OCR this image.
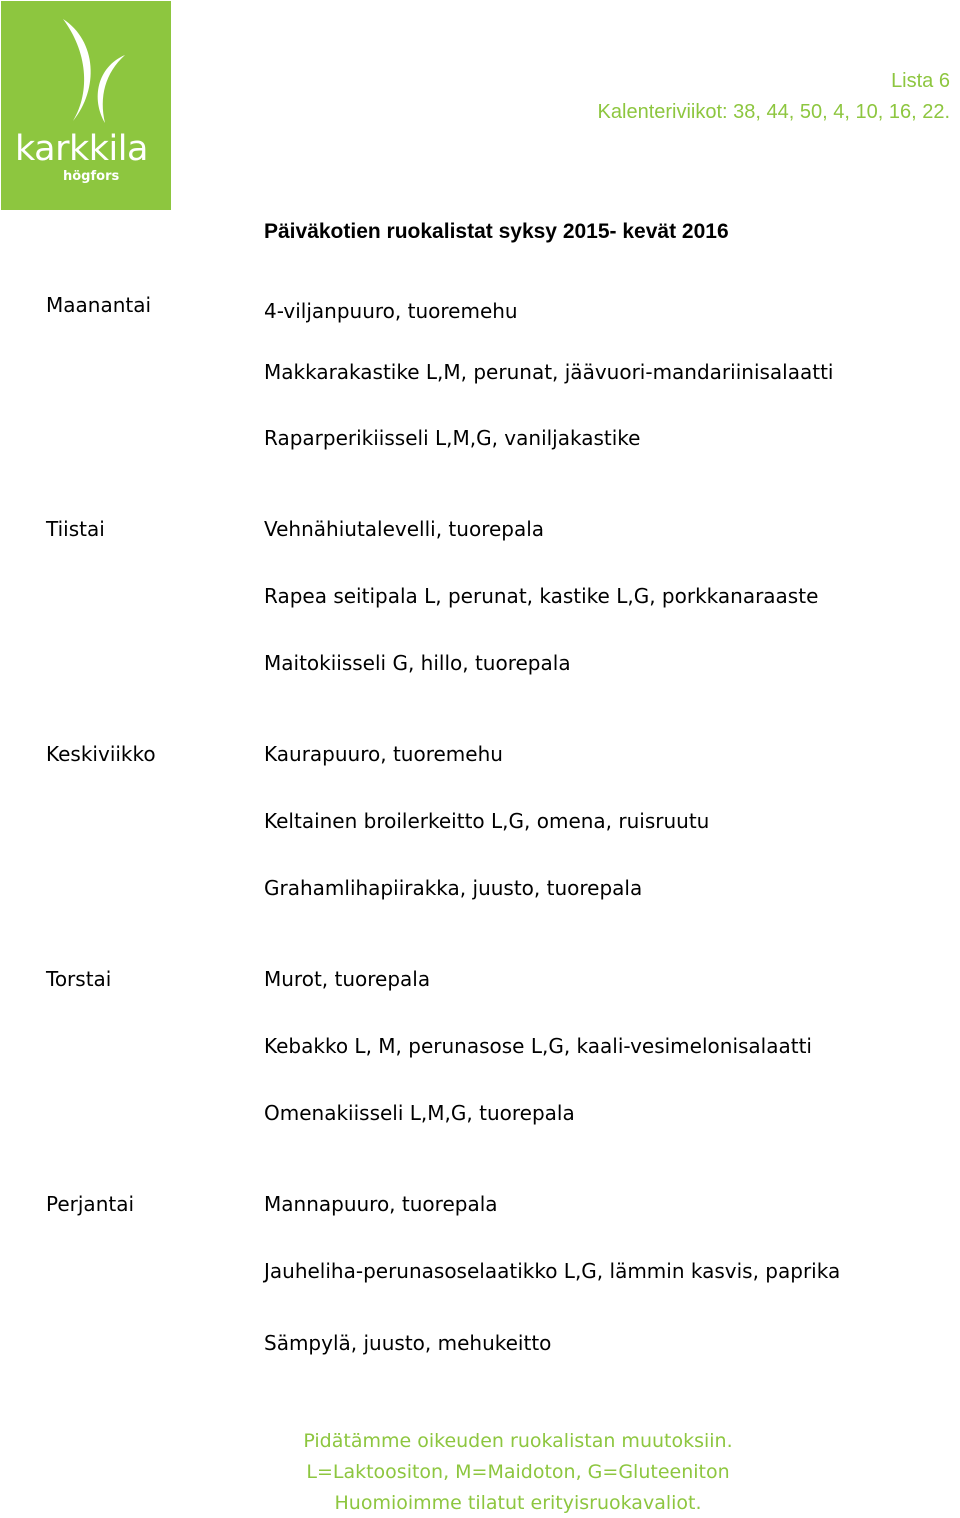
karkkila
högfors
Lista 6
Kalenteriviikot: 38, 44, 50, 4, 10, 16, 22.
Päiväkotien ruokalistat syksy 2015- kevät 2016
Maanantai	4-viljanpuuro, tuoremehu
Makkarakastike L,M, perunat, jäävuori-mandariinisalaatti
Raparperikiisseli L,M,G, vaniljakastike
Tiistai	Vehnähiutalevelli, tuorepala
Rapea seitipala L, perunat, kastike L,G, porkkanaraaste
Maitokiisseli G, hillo, tuorepala
Keskiviikko	Kaurapuuro, tuoremehu
Keltainen broilerkeitto L,G, omena, ruisruutu
Grahamlihapiirakka, juusto, tuorepala
Torstai	Murot, tuorepala
Kebakko L, M, perunasose L,G, kaali-vesimelonisalaatti
Omenakiisseli L,M,G, tuorepala
Perjantai	Mannapuuro, tuorepala
Jauheliha-perunasoselaatikko L,G, lämmin kasvis, paprika
Sämpylä, juusto, mehukeitto
Pidätämme oikeuden ruokalistan muutoksiin.
L=Laktoositon, M=Maidoton, G=Gluteeniton
Huomioimme tilatut erityisruokavaliot.
